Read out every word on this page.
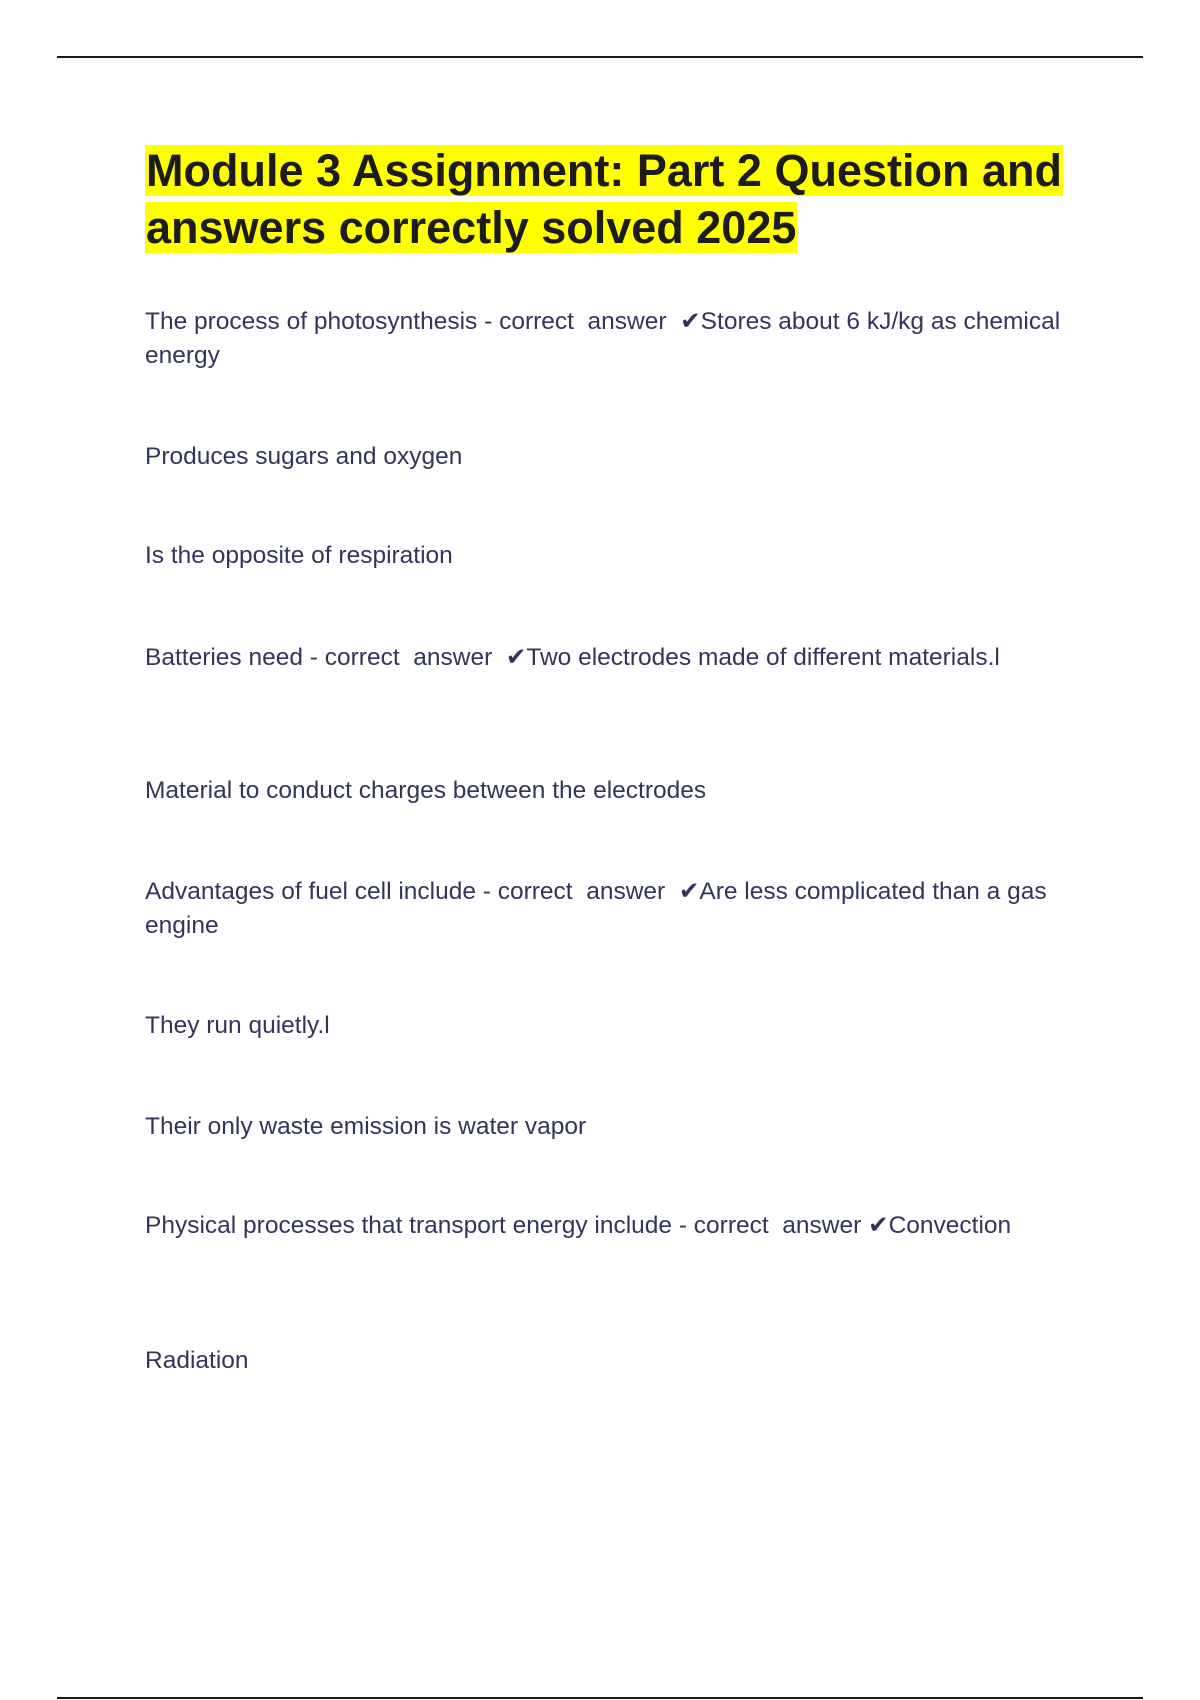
Module 3 Assignment: Part 2 Question and answers correctly solved 2025

The process of photosynthesis - correct  answer  ✔Stores about 6 kJ/kg as chemical energy

Produces sugars and oxygen

Is the opposite of respiration

Batteries need - correct  answer  ✔Two electrodes made of different materials.l

Material to conduct charges between the electrodes

Advantages of fuel cell include - correct  answer  ✔Are less complicated than a gas engine

They run quietly.l

Their only waste emission is water vapor

Physical processes that transport energy include - correct  answer ✔Convection

Radiation
